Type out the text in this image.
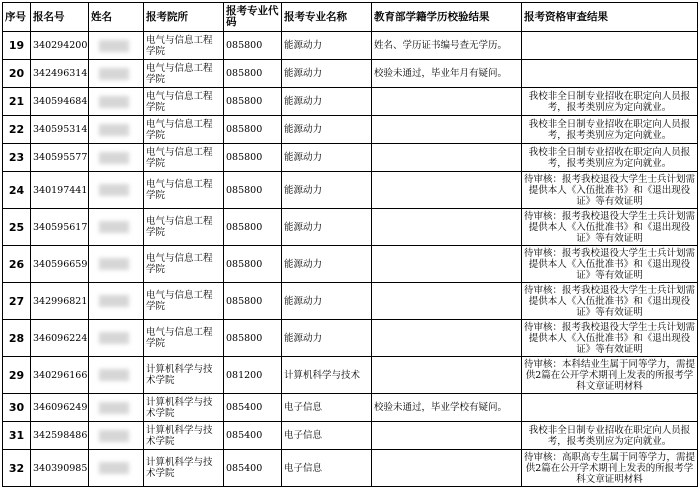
序号	报名号	姓名	报考院所	报考专业代码	报考专业名称	教育部学籍学历校验结果	报考资格审查结果
19	340294200		电气与信息工程学院	085800	能源动力	姓名、学历证书编号查无学历。	
20	342496314		电气与信息工程学院	085800	能源动力	校验未通过，毕业年月有疑问。	
21	340594684		电气与信息工程学院	085800	能源动力		我校非全日制专业招收在职定向人员报考，报考类别应为定向就业。
22	340595314		电气与信息工程学院	085800	能源动力		我校非全日制专业招收在职定向人员报考，报考类别应为定向就业。
23	340595577		电气与信息工程学院	085800	能源动力		我校非全日制专业招收在职定向人员报考，报考类别应为定向就业。
24	340197441		电气与信息工程学院	085800	能源动力		待审核：报考我校退役大学生士兵计划需提供本人《入伍批准书》和《退出现役证》等有效证明
25	340595617		电气与信息工程学院	085800	能源动力		待审核：报考我校退役大学生士兵计划需提供本人《入伍批准书》和《退出现役证》等有效证明
26	340596659		电气与信息工程学院	085800	能源动力		待审核：报考我校退役大学生士兵计划需提供本人《入伍批准书》和《退出现役证》等有效证明
27	342996821		电气与信息工程学院	085800	能源动力		待审核：报考我校退役大学生士兵计划需提供本人《入伍批准书》和《退出现役证》等有效证明
28	346096224		电气与信息工程学院	085800	能源动力		待审核：报考我校退役大学生士兵计划需提供本人《入伍批准书》和《退出现役证》等有效证明
29	340296166		计算机科学与技术学院	081200	计算机科学与技术		待审核：本科结业生属于同等学力，需提供2篇在公开学术期刊上发表的所报考学科文章证明材料
30	346096249		计算机科学与技术学院	085400	电子信息	校验未通过，毕业学校有疑问。	
31	342598486		计算机科学与技术学院	085400	电子信息		我校非全日制专业招收在职定向人员报考，报考类别应为定向就业。
32	340390985		计算机科学与技术学院	085400	电子信息		待审核：高职高专生属于同等学力，需提供2篇在公开学术期刊上发表的所报考学科文章证明材料
